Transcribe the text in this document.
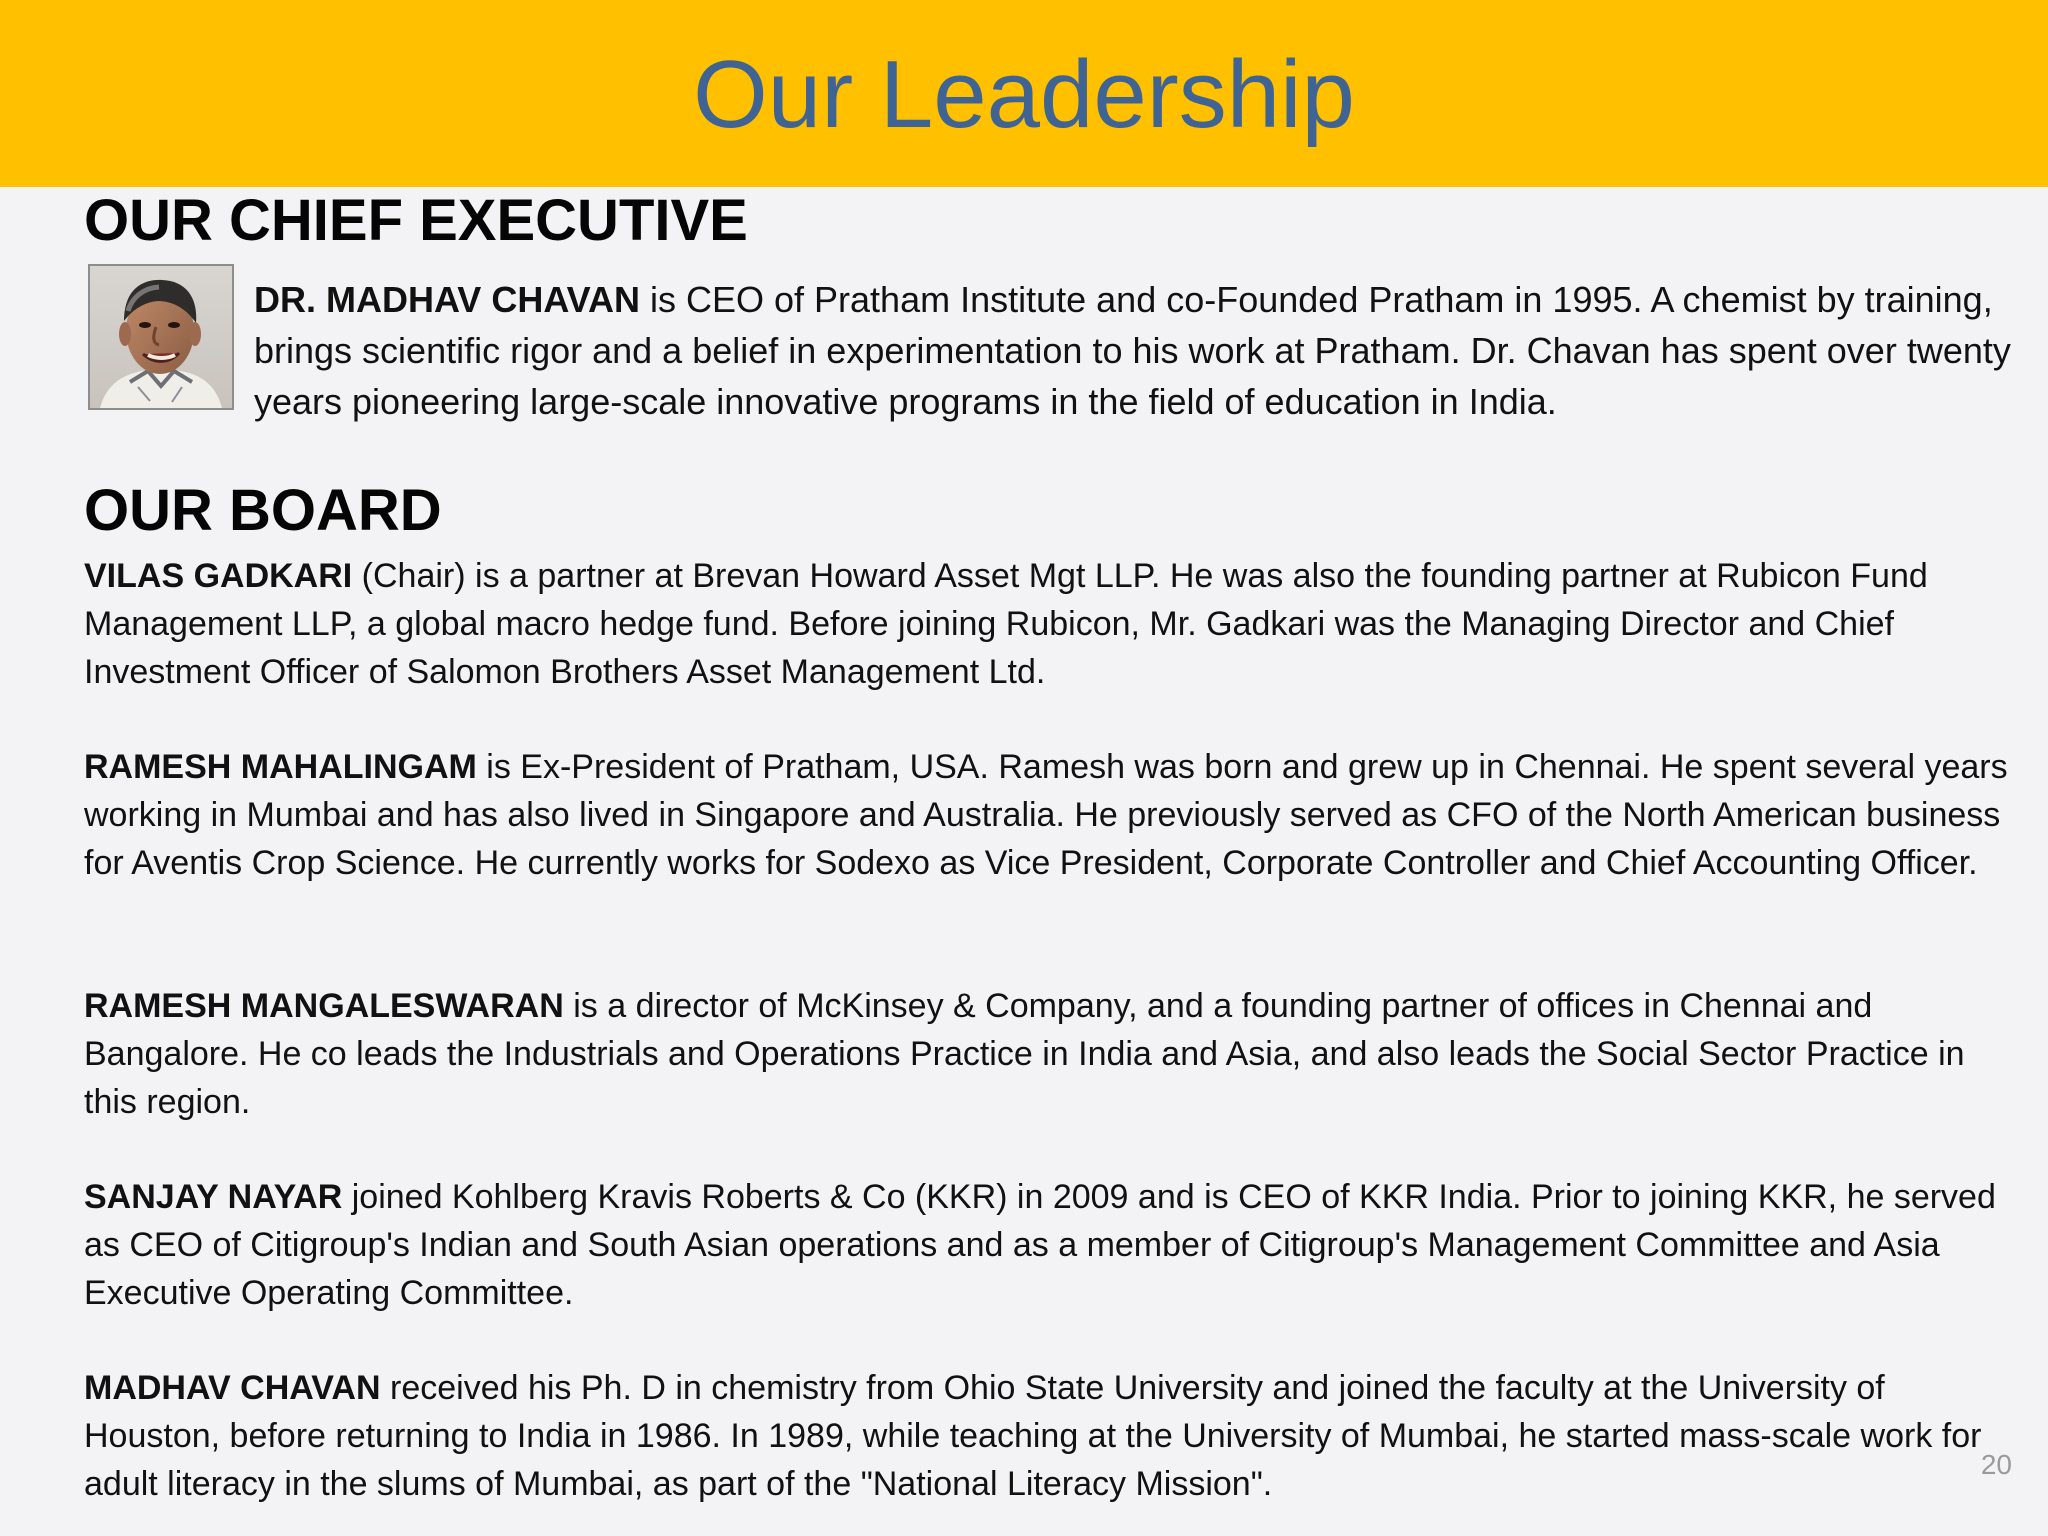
Our Leadership
OUR CHIEF EXECUTIVE

DR. MADHAV CHAVAN is CEO of Pratham Institute and co-Founded Pratham in 1995. A chemist by training, brings scientific rigor and a belief in experimentation to his work at Pratham. Dr. Chavan has spent over twenty years pioneering large-scale innovative programs in the field of education in India.

OUR BOARD

VILAS GADKARI (Chair) is a partner at Brevan Howard Asset Mgt LLP. He was also the founding partner at Rubicon Fund Management LLP, a global macro hedge fund. Before joining Rubicon, Mr. Gadkari was the Managing Director and Chief Investment Officer of Salomon Brothers Asset Management Ltd.

RAMESH MAHALINGAM is Ex-President of Pratham, USA. Ramesh was born and grew up in Chennai. He spent several years working in Mumbai and has also lived in Singapore and Australia. He previously served as CFO of the North American business for Aventis Crop Science. He currently works for Sodexo as Vice President, Corporate Controller and Chief Accounting Officer.

RAMESH MANGALESWARAN is a director of McKinsey & Company, and a founding partner of offices in Chennai and Bangalore. He co leads the Industrials and Operations Practice in India and Asia, and also leads the Social Sector Practice in this region.

SANJAY NAYAR joined Kohlberg Kravis Roberts & Co (KKR) in 2009 and is CEO of KKR India. Prior to joining KKR, he served as CEO of Citigroup's Indian and South Asian operations and as a member of Citigroup's Management Committee and Asia Executive Operating Committee.

MADHAV CHAVAN received his Ph. D in chemistry from Ohio State University and joined the faculty at the University of Houston, before returning to India in 1986. In 1989, while teaching at the University of Mumbai, he started mass-scale work for adult literacy in the slums of Mumbai, as part of the "National Literacy Mission".

20
